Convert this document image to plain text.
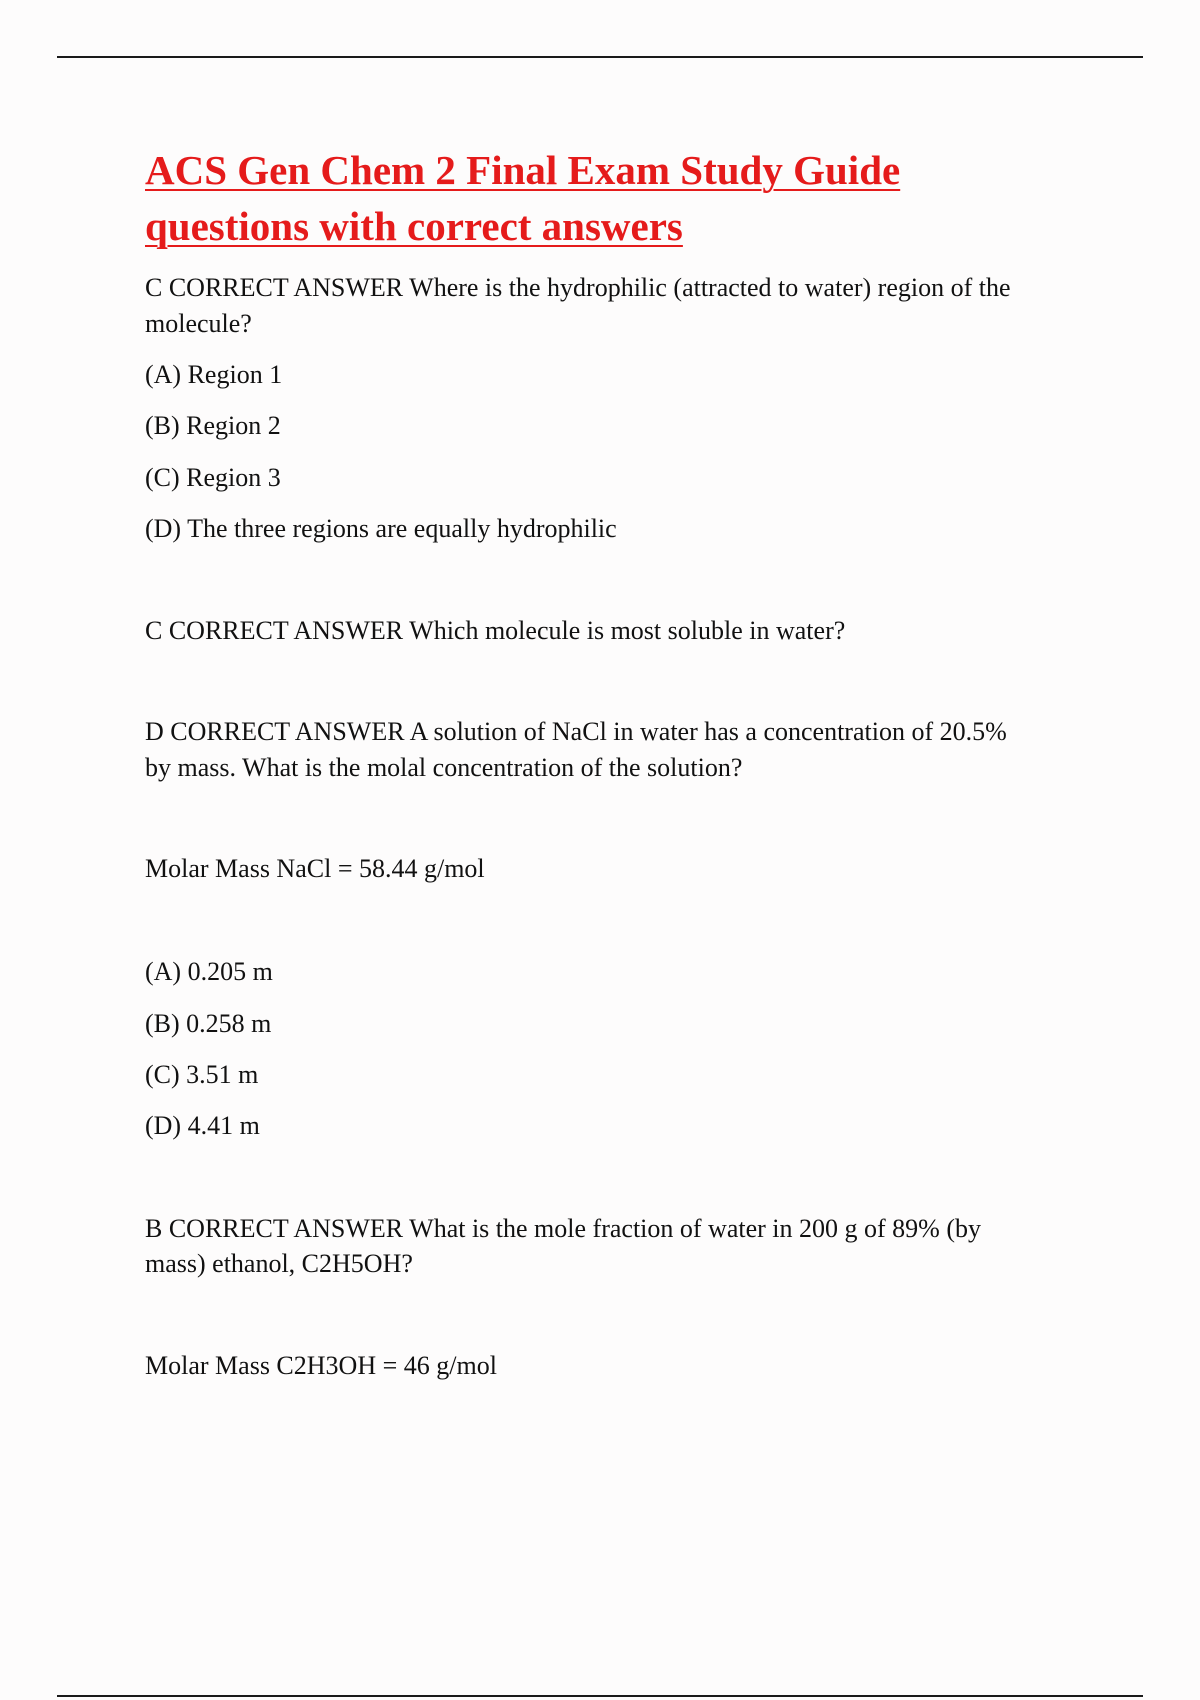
ACS Gen Chem 2 Final Exam Study Guide
questions with correct answers

C CORRECT ANSWER Where is the hydrophilic (attracted to water) region of the

molecule?

(A) Region 1

(B) Region 2

(C) Region 3

(D) The three regions are equally hydrophilic

C CORRECT ANSWER Which molecule is most soluble in water?

D CORRECT ANSWER A solution of NaCl in water has a concentration of 20.5%

by mass. What is the molal concentration of the solution?

Molar Mass NaCl = 58.44 g/mol

(A) 0.205 m

(B) 0.258 m

(C) 3.51 m

(D) 4.41 m

B CORRECT ANSWER What is the mole fraction of water in 200 g of 89% (by

mass) ethanol, C2H5OH?

Molar Mass C2H3OH = 46 g/mol
